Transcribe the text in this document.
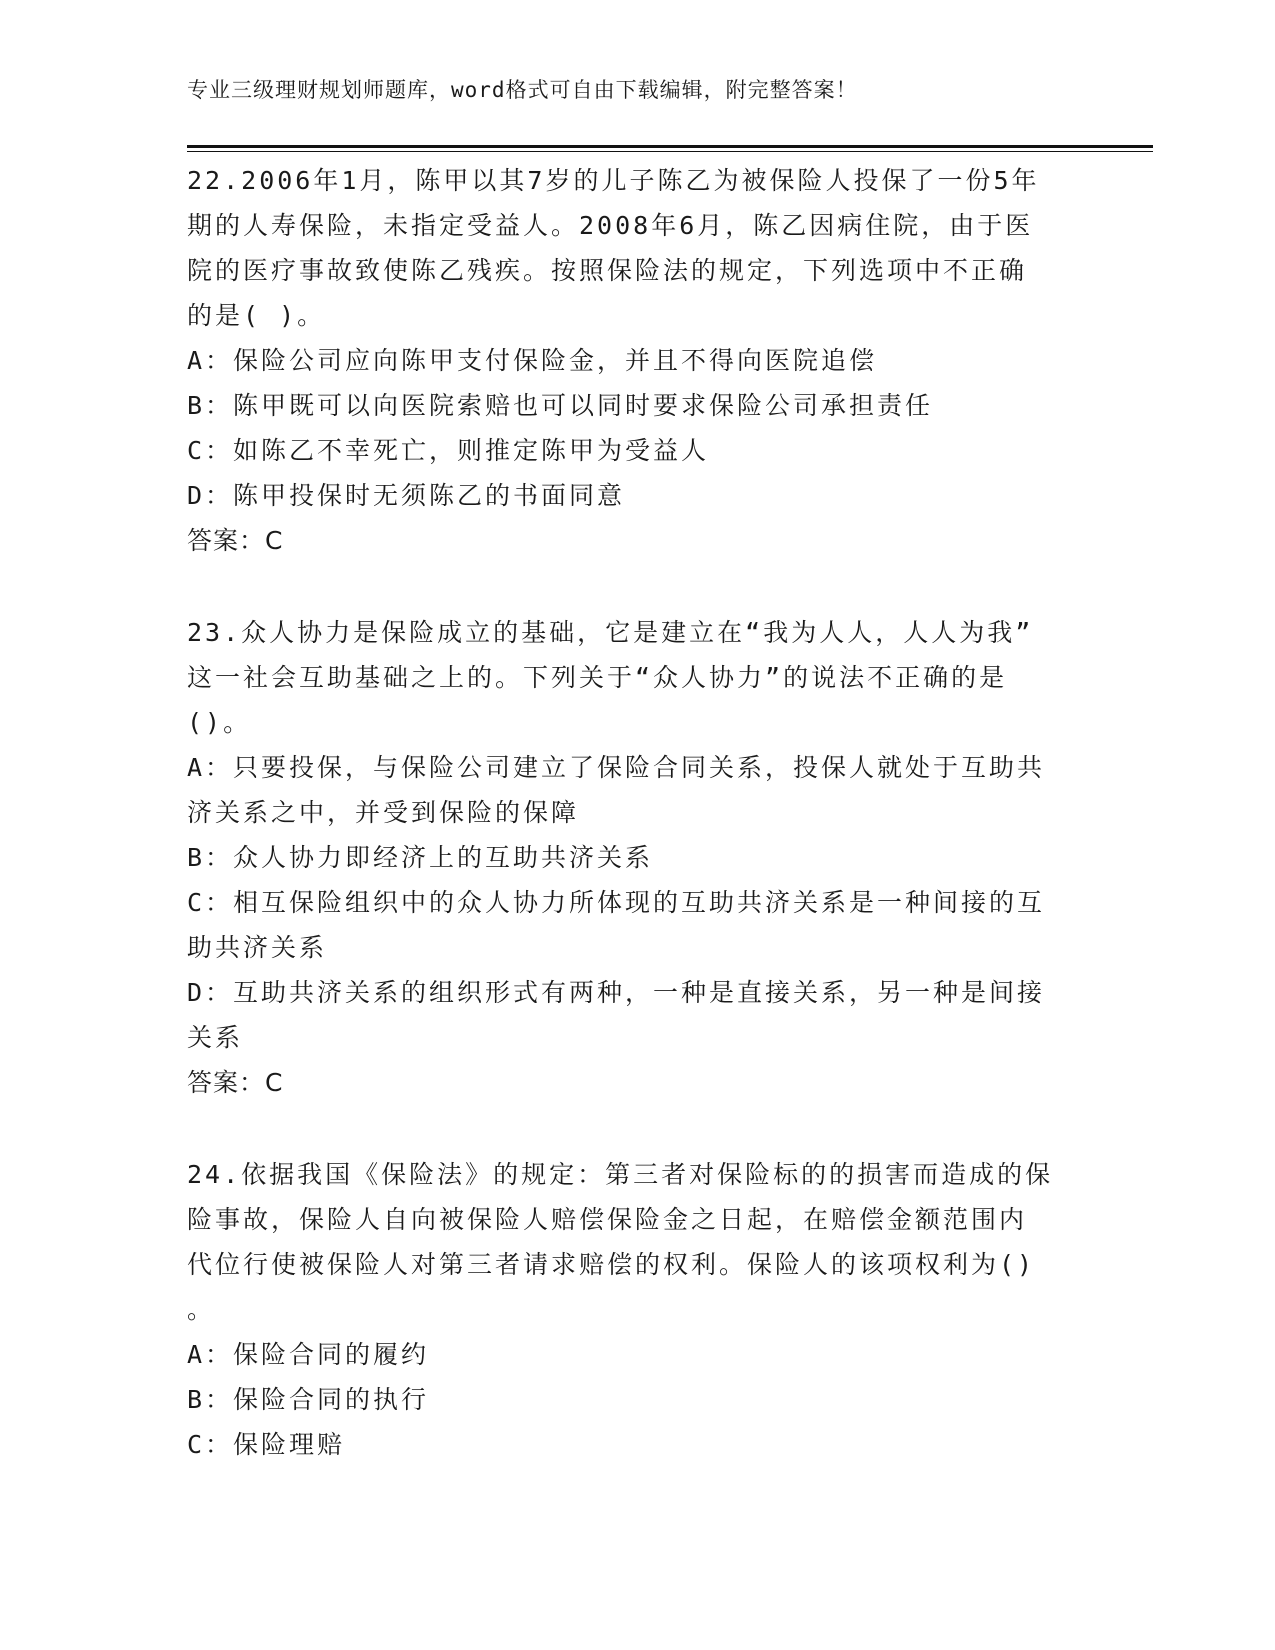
专业三级理财规划师题库，word格式可自由下载编辑，附完整答案！
22.2006年1月，陈甲以其7岁的儿子陈乙为被保险人投保了一份5年
期的人寿保险，未指定受益人。2008年6月，陈乙因病住院，由于医
院的医疗事故致使陈乙残疾。按照保险法的规定，下列选项中不正确
的是( )。
A：保险公司应向陈甲支付保险金，并且不得向医院追偿
B：陈甲既可以向医院索赔也可以同时要求保险公司承担责任
C：如陈乙不幸死亡，则推定陈甲为受益人
D：陈甲投保时无须陈乙的书面同意
答案：C
23.众人协力是保险成立的基础，它是建立在“我为人人，人人为我”
这一社会互助基础之上的。下列关于“众人协力”的说法不正确的是
()。
A：只要投保，与保险公司建立了保险合同关系，投保人就处于互助共
济关系之中，并受到保险的保障
B：众人协力即经济上的互助共济关系
C：相互保险组织中的众人协力所体现的互助共济关系是一种间接的互
助共济关系
D：互助共济关系的组织形式有两种，一种是直接关系，另一种是间接
关系
答案：C
24.依据我国《保险法》的规定：第三者对保险标的的损害而造成的保
险事故，保险人自向被保险人赔偿保险金之日起，在赔偿金额范围内
代位行使被保险人对第三者请求赔偿的权利。保险人的该项权利为()
。
A：保险合同的履约
B：保险合同的执行
C：保险理赔
